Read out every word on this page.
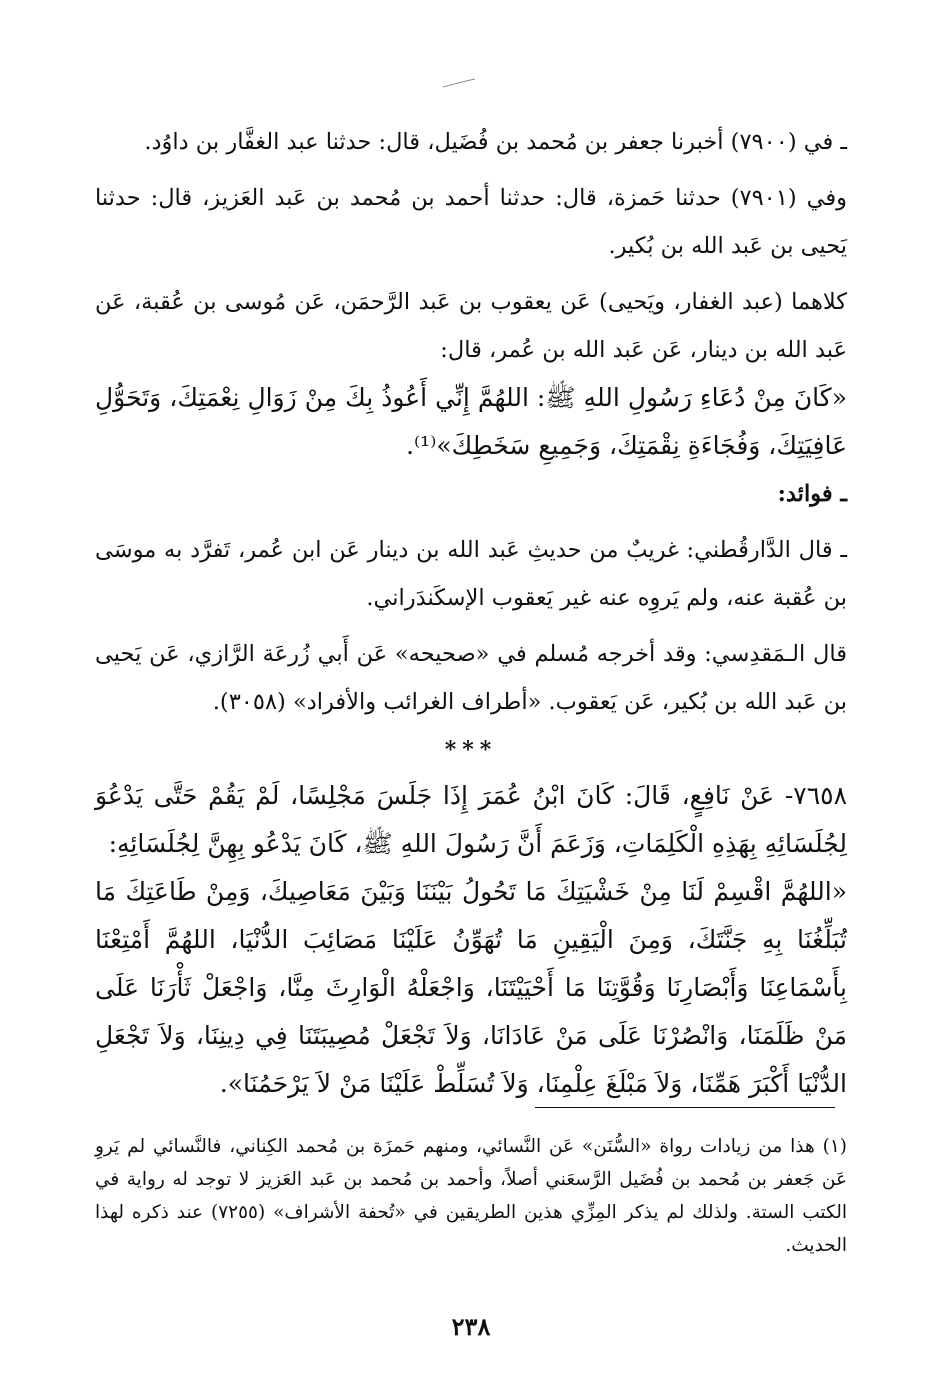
ـ في (٧٩٠٠) أخبرنا جعفر بن مُحمد بن فُضَيل، قال: حدثنا عبد الغفَّار بن داوُد.

وفي (٧٩٠١) حدثنا حَمزة، قال: حدثنا أحمد بن مُحمد بن عَبد العَزيز، قال: حدثنا يَحيى بن عَبد الله بن بُكير.

كلاهما (عبد الغفار، ويَحيى) عَن يعقوب بن عَبد الرَّحمَن، عَن مُوسى بن عُقبة، عَن عَبد الله بن دينار، عَن عَبد الله بن عُمر، قال:

«كَانَ مِنْ دُعَاءِ رَسُولِ اللهِ ﷺ: اللهُمَّ إِنِّي أَعُوذُ بِكَ مِنْ زَوَالِ نِعْمَتِكَ، وَتَحَوُّلِ عَافِيَتِكَ، وَفُجَاءَةِ نِقْمَتِكَ، وَجَمِيعِ سَخَطِكَ»⁽¹⁾.

ـ فوائد:

ـ قال الدَّارقُطني: غريبٌ من حديثِ عَبد الله بن دينار عَن ابن عُمر، تَفرَّد به موسَى بن عُقبة عنه، ولم يَروِه عنه غير يَعقوب الإسكَندَراني.

قال الـمَقدِسي: وقد أخرجه مُسلم في «صحيحه» عَن أَبي زُرعَة الرَّازي، عَن يَحيى بن عَبد الله بن بُكير، عَن يَعقوب. «أطراف الغرائب والأفراد» (٣٠٥٨).

***

٧٦٥٨- عَنْ نَافِعٍ، قَالَ: كَانَ ابْنُ عُمَرَ إِذَا جَلَسَ مَجْلِسًا، لَمْ يَقُمْ حَتَّى يَدْعُوَ لِجُلَسَائِهِ بِهَذِهِ الْكَلِمَاتِ، وَزَعَمَ أَنَّ رَسُولَ اللهِ ﷺ، كَانَ يَدْعُو بِهِنَّ لِجُلَسَائِهِ:

«اللهُمَّ اقْسِمْ لَنَا مِنْ خَشْيَتِكَ مَا تَحُولُ بَيْنَنَا وَبَيْنَ مَعَاصِيكَ، وَمِنْ طَاعَتِكَ مَا تُبَلِّغُنَا بِهِ جَنَّتَكَ، وَمِنَ الْيَقِينِ مَا تُهَوِّنُ عَلَيْنَا مَصَائِبَ الدُّنْيَا، اللهُمَّ أَمْتِعْنَا بِأَسْمَاعِنَا وَأَبْصَارِنَا وَقُوَّتِنَا مَا أَحْيَيْتَنَا، وَاجْعَلْهُ الْوَارِثَ مِنَّا، وَاجْعَلْ ثَأْرَنَا عَلَى مَنْ ظَلَمَنَا، وَانْصُرْنَا عَلَى مَنْ عَادَانَا، وَلاَ تَجْعَلْ مُصِيبَتَنَا فِي دِينِنَا، وَلاَ تَجْعَلِ الدُّنْيَا أَكْبَرَ هَمِّنَا، وَلاَ مَبْلَغَ عِلْمِنَا، وَلاَ تُسَلِّطْ عَلَيْنَا مَنْ لاَ يَرْحَمُنَا».

(١) هذا من زيادات رواة «السُّنَن» عَن النَّسائي، ومنهم حَمزَة بن مُحمد الكِناني، فالنَّسائي لم يَروِ عَن جَعفر بن مُحمد بن فُضَيل الرَّسعَني أصلاً، وأحمد بن مُحمد بن عَبد العَزيز لا توجد له رواية في الكتب الستة. ولذلك لم يذكر المِزِّي هذين الطريقين في «تُحفة الأشراف» (٧٢٥٥) عند ذكره لهذا الحديث.

٢٣٨
